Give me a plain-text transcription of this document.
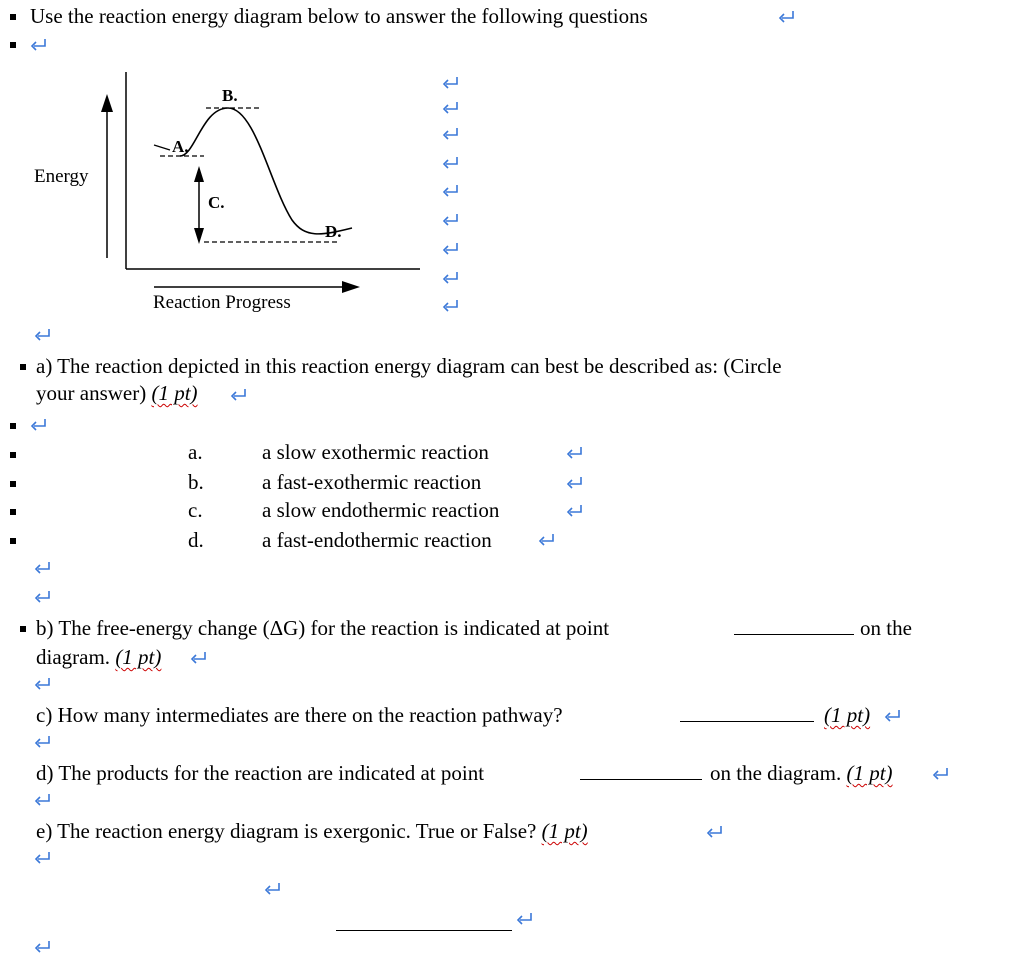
Use the reaction energy diagram below to answer the following questions
Energy
Reaction Progress
A.
B.
C.
D.
a) The reaction depicted in this reaction energy diagram can best be described as: (Circle
your answer) (1 pt)
a.	a slow exothermic reaction
b.	a fast-exothermic reaction
c.	a slow endothermic reaction
d.	a fast-endothermic reaction
b) The free-energy change (ΔG) for the reaction is indicated at point	on the
diagram. (1 pt)
c) How many intermediates are there on the reaction pathway?	(1 pt)
d) The products for the reaction are indicated at point	on the diagram. (1 pt)
e) The reaction energy diagram is exergonic. True or False? (1 pt)
